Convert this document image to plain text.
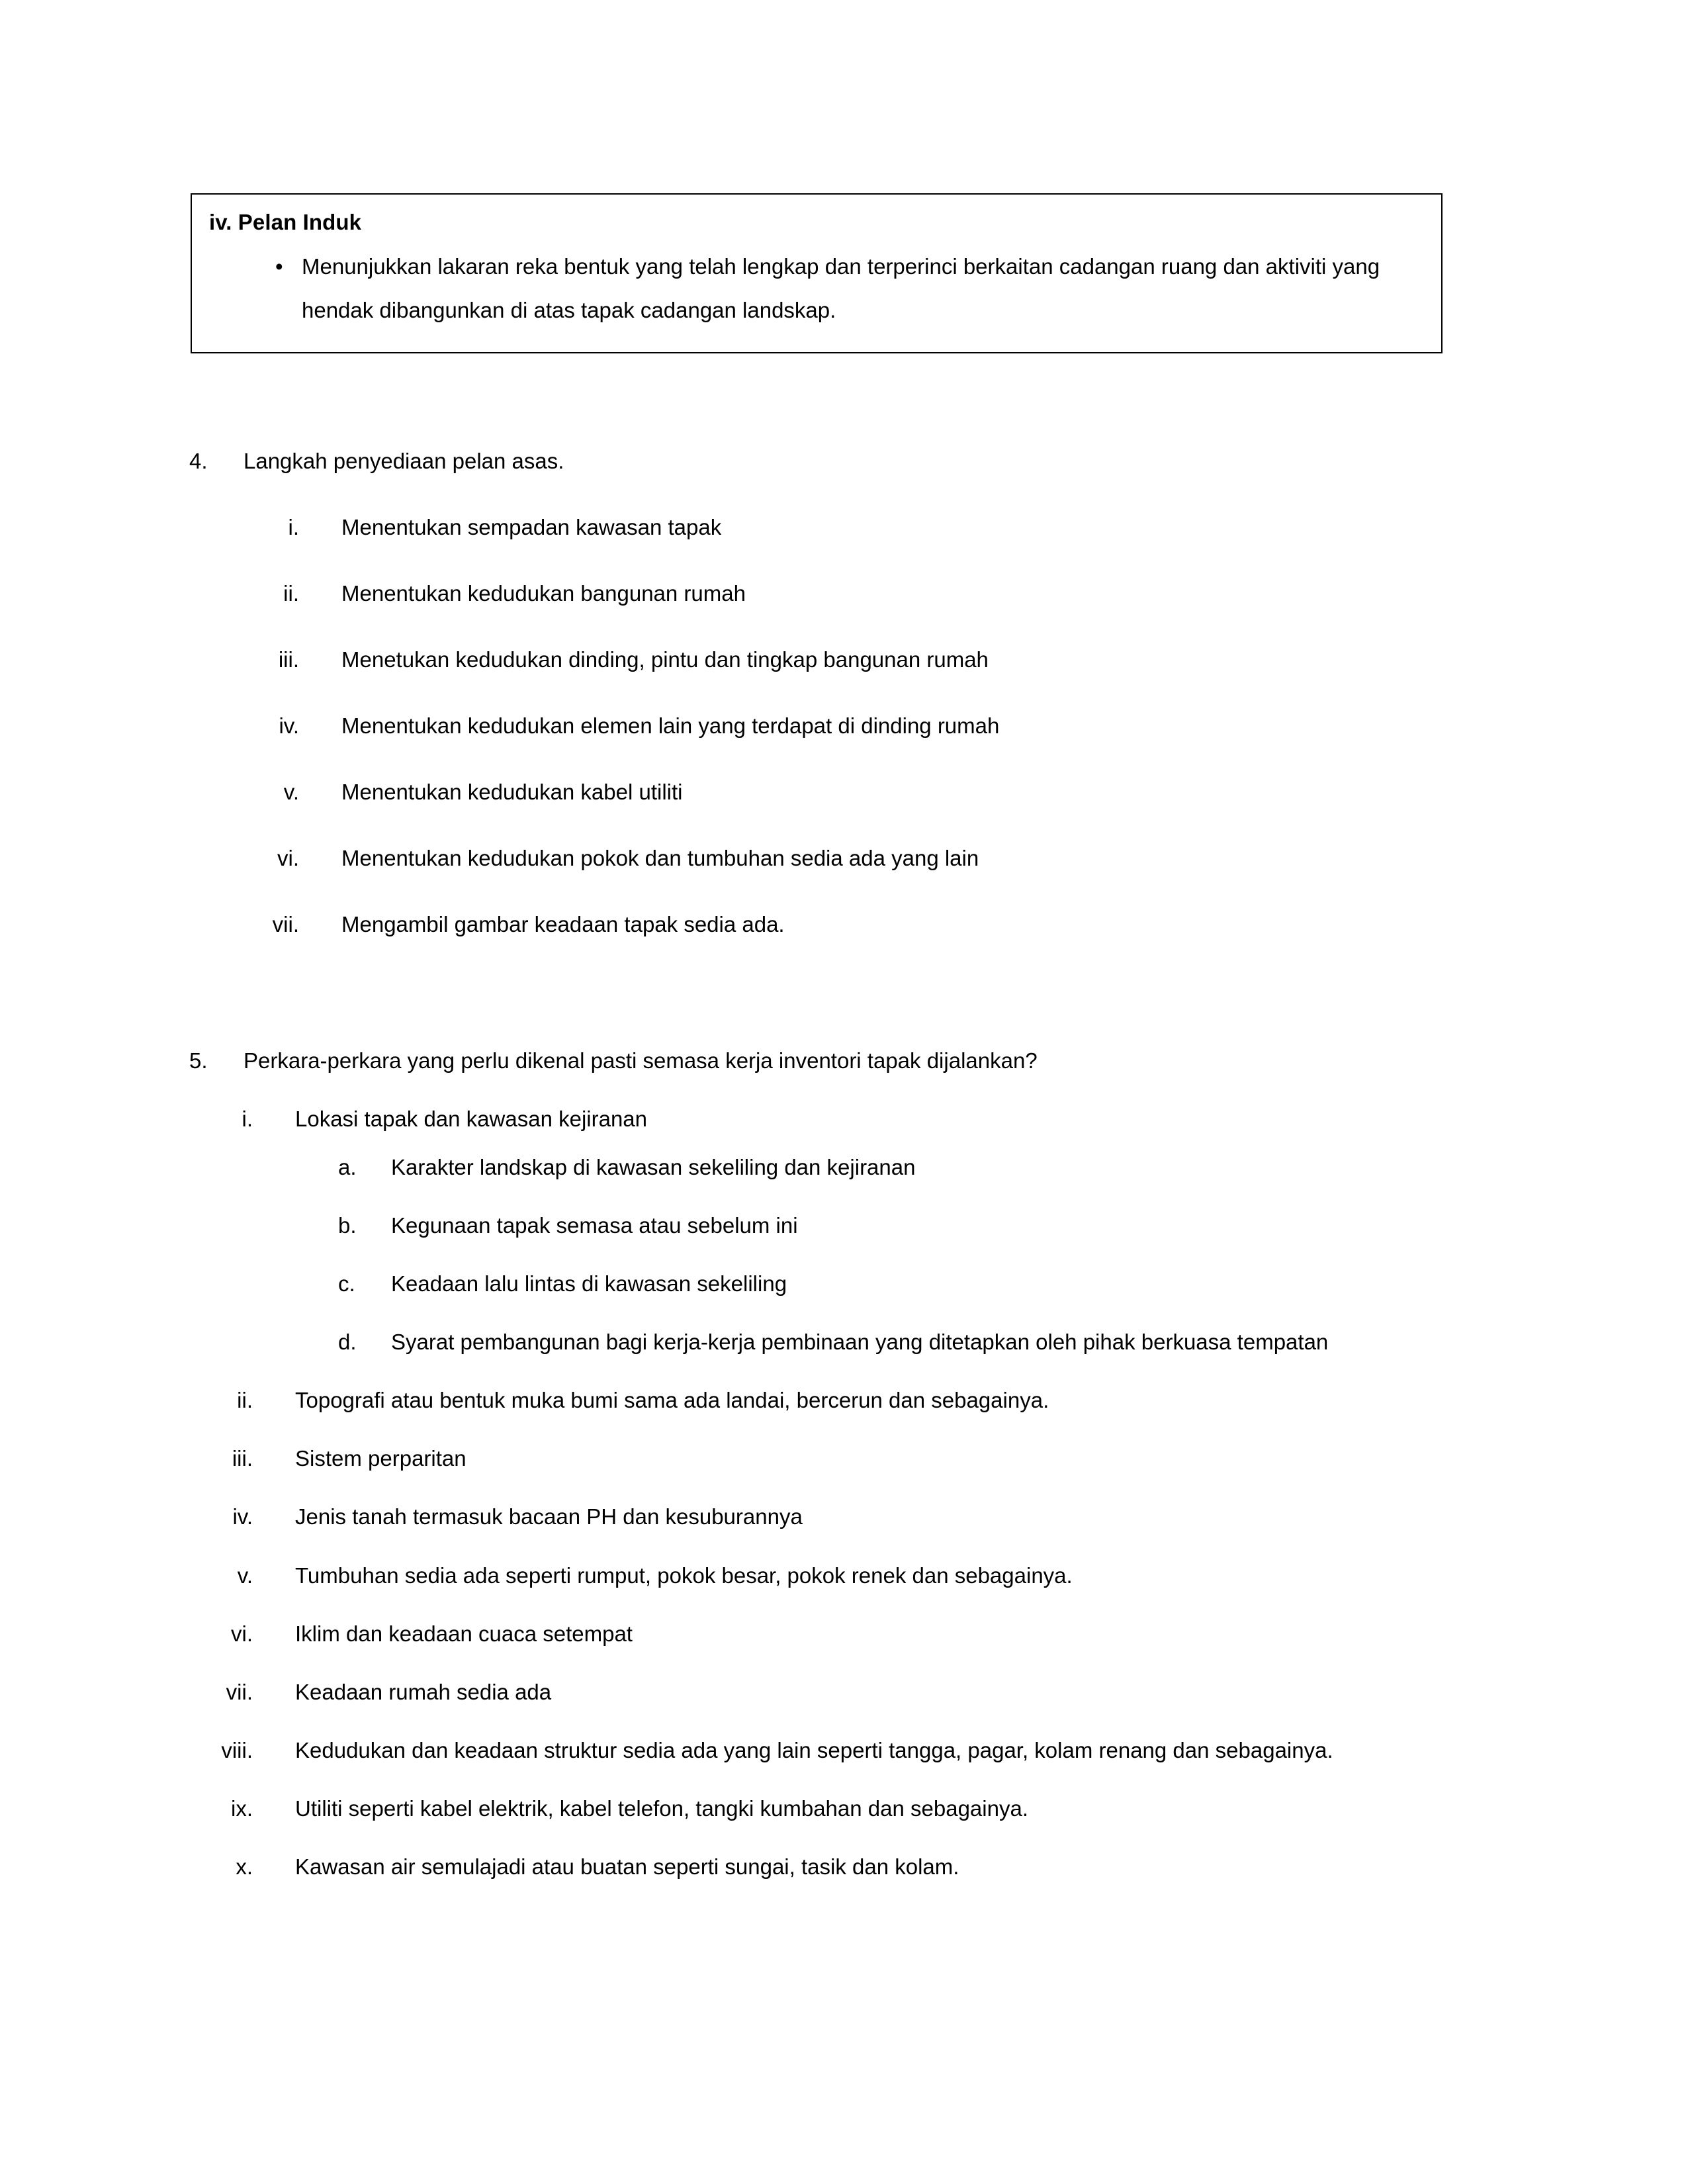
iv. Pelan Induk
• Menunjukkan lakaran reka bentuk yang telah lengkap dan terperinci berkaitan cadangan ruang dan aktiviti yang hendak dibangunkan di atas tapak cadangan landskap.
4.	Langkah penyediaan pelan asas.
i. Menentukan sempadan kawasan tapak
ii. Menentukan kedudukan bangunan rumah
iii. Menetukan kedudukan dinding, pintu dan tingkap bangunan rumah
iv. Menentukan kedudukan elemen lain yang terdapat di dinding rumah
v. Menentukan kedudukan kabel utiliti
vi. Menentukan kedudukan pokok dan tumbuhan sedia ada yang lain
vii. Mengambil gambar keadaan tapak sedia ada.
5.	Perkara-perkara yang perlu dikenal pasti semasa kerja inventori tapak dijalankan?
i. Lokasi tapak dan kawasan kejiranan
a.	Karakter landskap di kawasan sekeliling dan kejiranan
b.	Kegunaan tapak semasa atau sebelum ini
c.	Keadaan lalu lintas di kawasan sekeliling
d.	Syarat pembangunan bagi kerja-kerja pembinaan yang ditetapkan oleh pihak berkuasa tempatan
ii. Topografi atau bentuk muka bumi sama ada landai, bercerun dan sebagainya.
iii. Sistem perparitan
iv. Jenis tanah termasuk bacaan PH dan kesuburannya
v. Tumbuhan sedia ada seperti rumput, pokok besar, pokok renek dan sebagainya.
vi. Iklim dan keadaan cuaca setempat
vii. Keadaan rumah sedia ada
viii. Kedudukan dan keadaan struktur sedia ada yang lain seperti tangga, pagar, kolam renang dan sebagainya.
ix. Utiliti seperti kabel elektrik, kabel telefon, tangki kumbahan dan sebagainya.
x. Kawasan air semulajadi atau buatan seperti sungai, tasik dan kolam.
